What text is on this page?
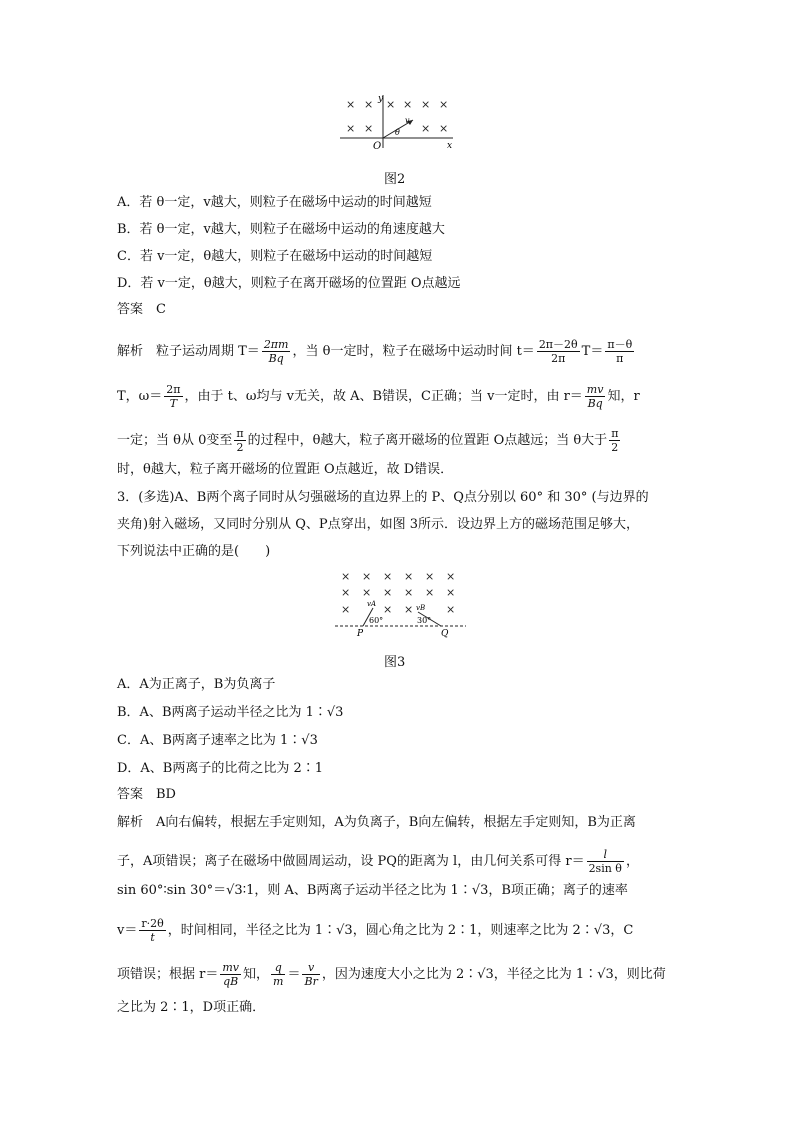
× × × × × ×
× ×	× ×
y
x
O
θ
v
图2
A．若 θ一定，v越大，则粒子在磁场中运动的时间越短
B．若 θ一定，v越大，则粒子在磁场中运动的角速度越大
C．若 v一定，θ越大，则粒子在磁场中运动的时间越短
D．若 v一定，θ越大，则粒子在离开磁场的位置距 O点越远
答案　C
解析　粒子运动周期 $T= \frac{2\pi m}{Bq}$ ，当 θ一定时，粒子在磁场中运动时间 $t= \frac{2\pi-2\theta}{2\pi} T= \frac{\pi-\theta}{\pi}$
T，$\omega= \frac{2\pi}{T}$ ，由于 t、ω均与 v无关，故 A、B错误，C正确；当 v一定时，由 $r= \frac{mv}{Bq}$ 知，r
一定；当 θ从 0变至 $\frac{\pi}{2}$ 的过程中，θ越大，粒子离开磁场的位置距 O点越远；当 θ大于 $\frac{\pi}{2}$
时，θ越大，粒子离开磁场的位置距 O点越近，故 D错误．
3．(多选)A、B两个离子同时从匀强磁场的直边界上的 P、Q点分别以 60° 和 30° (与边界的
夹角)射入磁场，又同时分别从 Q、P点穿出，如图 3所示．设边界上方的磁场范围足够大，
下列说法中正确的是(　　)
× × × × × ×
× × × × × ×
×	× ×	×
vA	vB
60°	30°
P	Q
图3
A．A为正离子，B为负离子
B．A、B两离子运动半径之比为 1∶√3
C．A、B两离子速率之比为 1∶√3
D．A、B两离子的比荷之比为 2∶1
答案　BD
解析　A向右偏转，根据左手定则知，A为负离子，B向左偏转，根据左手定则知，B为正离
子，A项错误；离子在磁场中做圆周运动，设 PQ的距离为 l，由几何关系可得 $r= \frac{l}{\text{2sin θ}}$ ，
sin 60°∶sin 30°＝√3∶1，则 A、B两离子运动半径之比为 1∶√3，B项正确；离子的速率
$v= \frac{r\cdot 2\theta}{t}$ ，时间相同，半径之比为 1∶√3，圆心角之比为 2∶1，则速率之比为 2∶√3，C
项错误；根据 $r= \frac{mv}{qB}$ 知， $\frac{q}{m} = \frac{v}{Br}$ ，因为速度大小之比为 2∶√3，半径之比为 1∶√3，则比荷
之比为 2∶1，D项正确．
